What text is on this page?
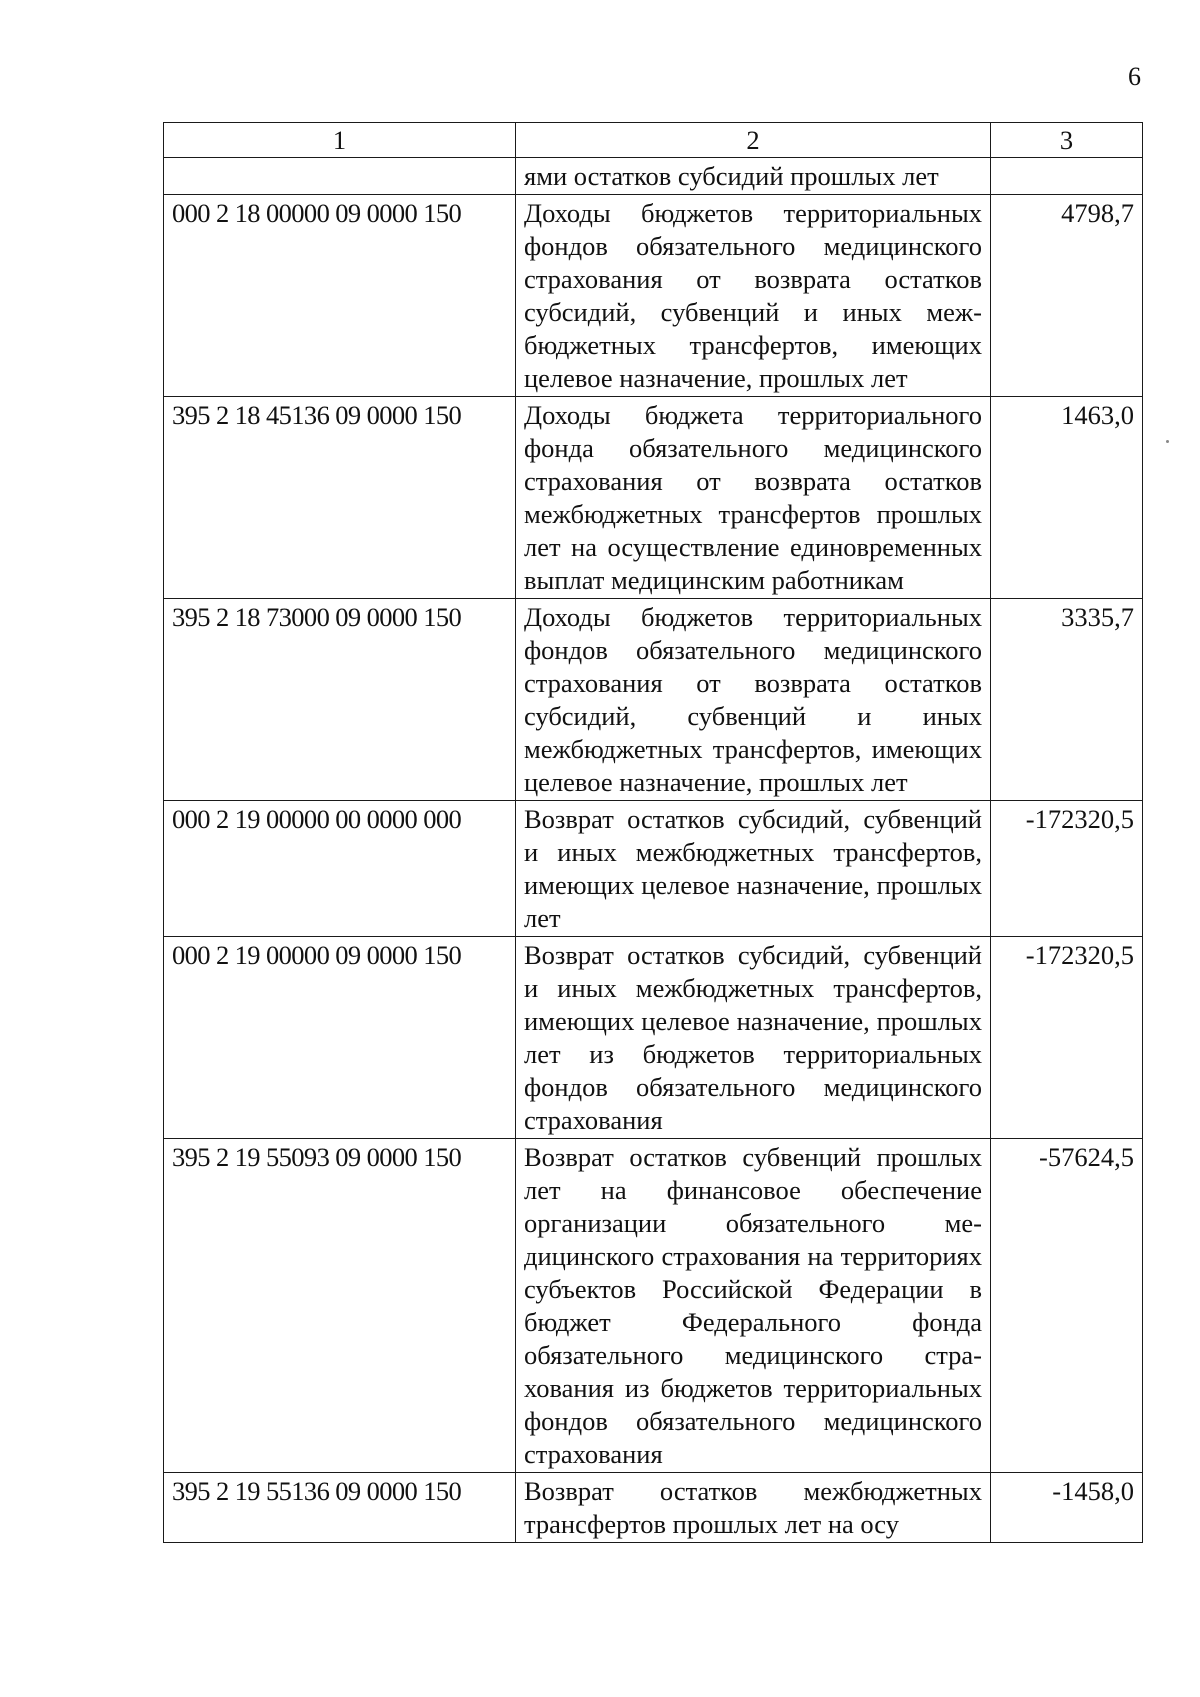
6
1	2	3
	ями остатков субсидий прошлых лет	
000 2 18 00000 09 0000 150	Доходы бюджетов территориальных фондов обязательного медицинского страхования от возврата остатков субсидий, субвенций и иных межбюджетных трансфертов, имеющих целевое назначение, прошлых лет	4798,7
395 2 18 45136 09 0000 150	Доходы бюджета территориального фонда обязательного медицинского страхования от возврата остатков межбюджетных трансфертов прошлых лет на осуществление единовременных выплат медицинским работникам	1463,0
395 2 18 73000 09 0000 150	Доходы бюджетов территориальных фондов обязательного медицинского страхования от возврата остатков субсидий, субвенций и иных межбюджетных трансфертов, имеющих целевое назначение, прошлых лет	3335,7
000 2 19 00000 00 0000 000	Возврат остатков субсидий, субвенций и иных межбюджетных трансфертов, имеющих целевое назначение, прошлых лет	-172320,5
000 2 19 00000 09 0000 150	Возврат остатков субсидий, субвенций и иных межбюджетных трансфертов, имеющих целевое назначение, прошлых лет из бюджетов территориальных фондов обязательного медицинского страхования	-172320,5
395 2 19 55093 09 0000 150	Возврат остатков субвенций прошлых лет на финансовое обеспечение организации обязательного медицинского страхования на территориях субъектов Российской Федерации в бюджет Федерального фонда обязательного медицинского страхования из бюджетов территориальных фондов обязательного медицинского страхования	-57624,5
395 2 19 55136 09 0000 150	Возврат остатков межбюджетных трансфертов прошлых лет на осу	-1458,0
